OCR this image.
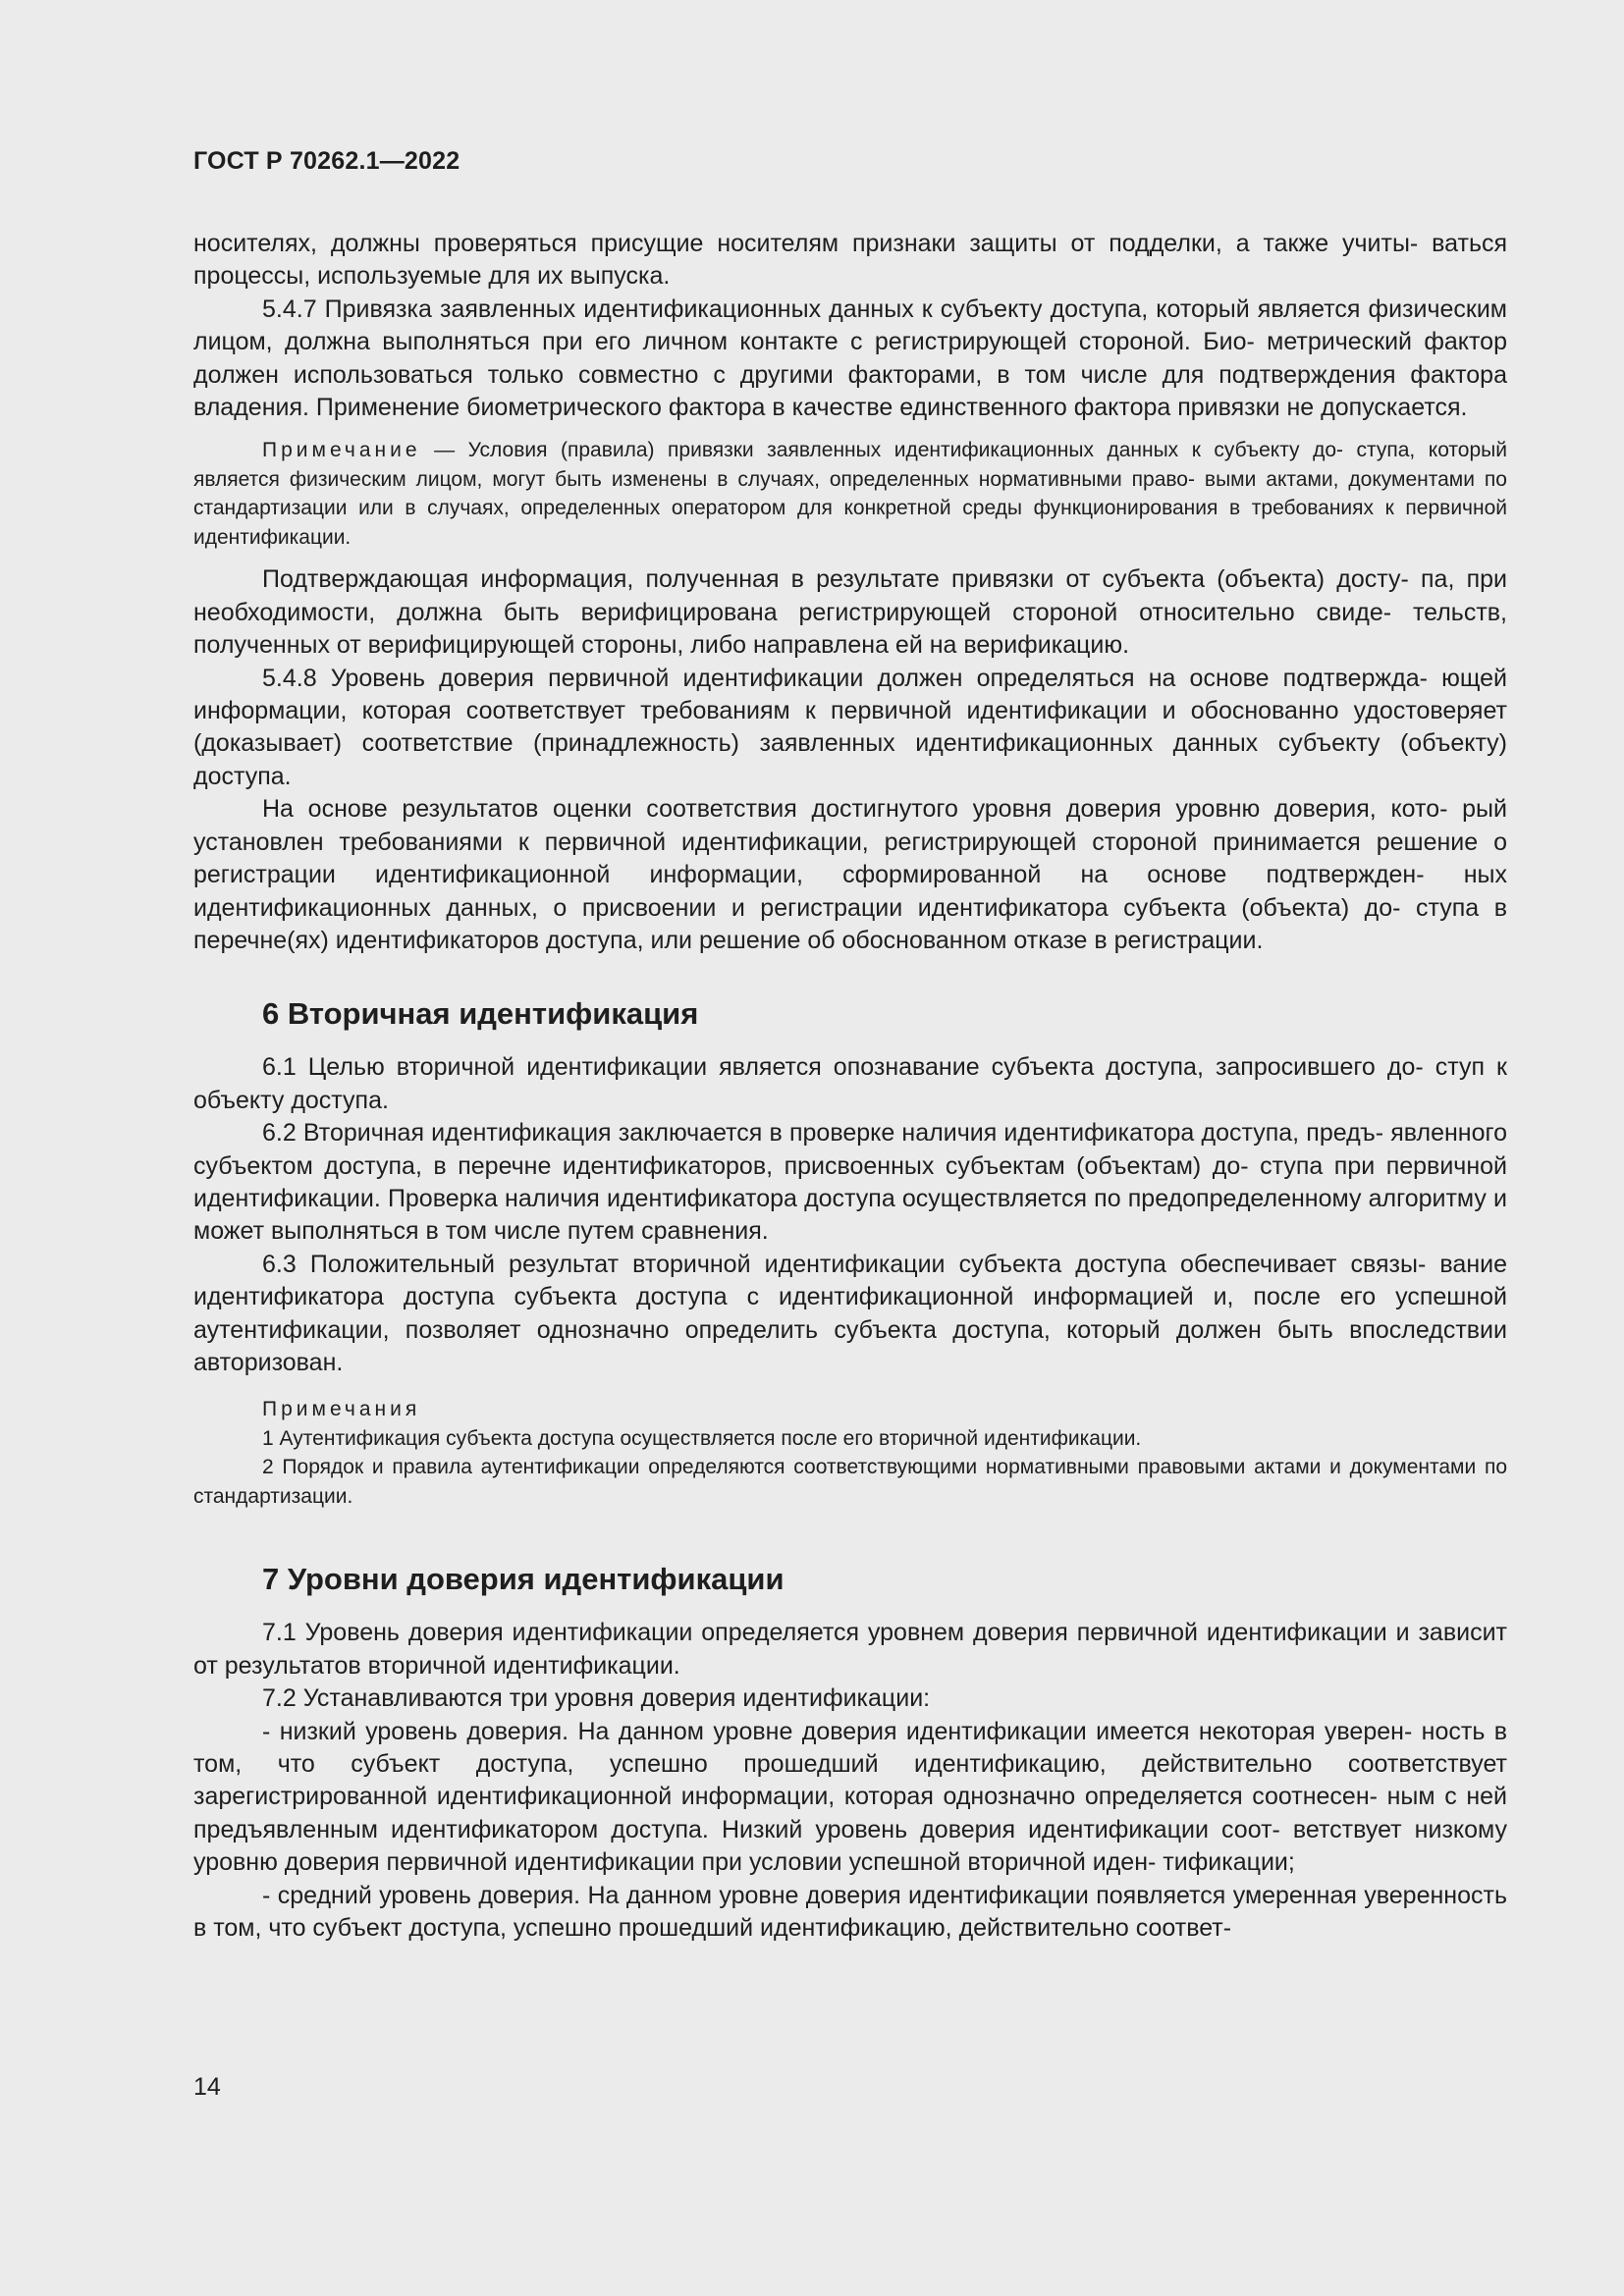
ГОСТ Р 70262.1—2022

носителях, должны проверяться присущие носителям признаки защиты от подделки, а также учиты- ваться процессы, используемые для их выпуска.

5.4.7 Привязка заявленных идентификационных данных к субъекту доступа, который является физическим лицом, должна выполняться при его личном контакте с регистрирующей стороной. Био- метрический фактор должен использоваться только совместно с другими факторами, в том числе для подтверждения фактора владения. Применение биометрического фактора в качестве единственного фактора привязки не допускается.

Примечание — Условия (правила) привязки заявленных идентификационных данных к субъекту до- ступа, который является физическим лицом, могут быть изменены в случаях, определенных нормативными право- выми актами, документами по стандартизации или в случаях, определенных оператором для конкретной среды функционирования в требованиях к первичной идентификации.

Подтверждающая информация, полученная в результате привязки от субъекта (объекта) досту- па, при необходимости, должна быть верифицирована регистрирующей стороной относительно свиде- тельств, полученных от верифицирующей стороны, либо направлена ей на верификацию.

5.4.8 Уровень доверия первичной идентификации должен определяться на основе подтвержда- ющей информации, которая соответствует требованиям к первичной идентификации и обоснованно удостоверяет (доказывает) соответствие (принадлежность) заявленных идентификационных данных субъекту (объекту) доступа.

На основе результатов оценки соответствия достигнутого уровня доверия уровню доверия, кото- рый установлен требованиями к первичной идентификации, регистрирующей стороной принимается решение о регистрации идентификационной информации, сформированной на основе подтвержден- ных идентификационных данных, о присвоении и регистрации идентификатора субъекта (объекта) до- ступа в перечне(ях) идентификаторов доступа, или решение об обоснованном отказе в регистрации.

6 Вторичная идентификация

6.1 Целью вторичной идентификации является опознавание субъекта доступа, запросившего до- ступ к объекту доступа.

6.2 Вторичная идентификация заключается в проверке наличия идентификатора доступа, предъ- явленного субъектом доступа, в перечне идентификаторов, присвоенных субъектам (объектам) до- ступа при первичной идентификации. Проверка наличия идентификатора доступа осуществляется по предопределенному алгоритму и может выполняться в том числе путем сравнения.

6.3 Положительный результат вторичной идентификации субъекта доступа обеспечивает связы- вание идентификатора доступа субъекта доступа с идентификационной информацией и, после его успешной аутентификации, позволяет однозначно определить субъекта доступа, который должен быть впоследствии авторизован.

Примечания

1 Аутентификация субъекта доступа осуществляется после его вторичной идентификации.

2 Порядок и правила аутентификации определяются соответствующими нормативными правовыми актами и документами по стандартизации.

7 Уровни доверия идентификации

7.1 Уровень доверия идентификации определяется уровнем доверия первичной идентификации и зависит от результатов вторичной идентификации.

7.2 Устанавливаются три уровня доверия идентификации:

- низкий уровень доверия. На данном уровне доверия идентификации имеется некоторая уверен- ность в том, что субъект доступа, успешно прошедший идентификацию, действительно соответствует зарегистрированной идентификационной информации, которая однозначно определяется соотнесен- ным с ней предъявленным идентификатором доступа. Низкий уровень доверия идентификации соот- ветствует низкому уровню доверия первичной идентификации при условии успешной вторичной иден- тификации;

- средний уровень доверия. На данном уровне доверия идентификации появляется умеренная уверенность в том, что субъект доступа, успешно прошедший идентификацию, действительно соответ-

14
